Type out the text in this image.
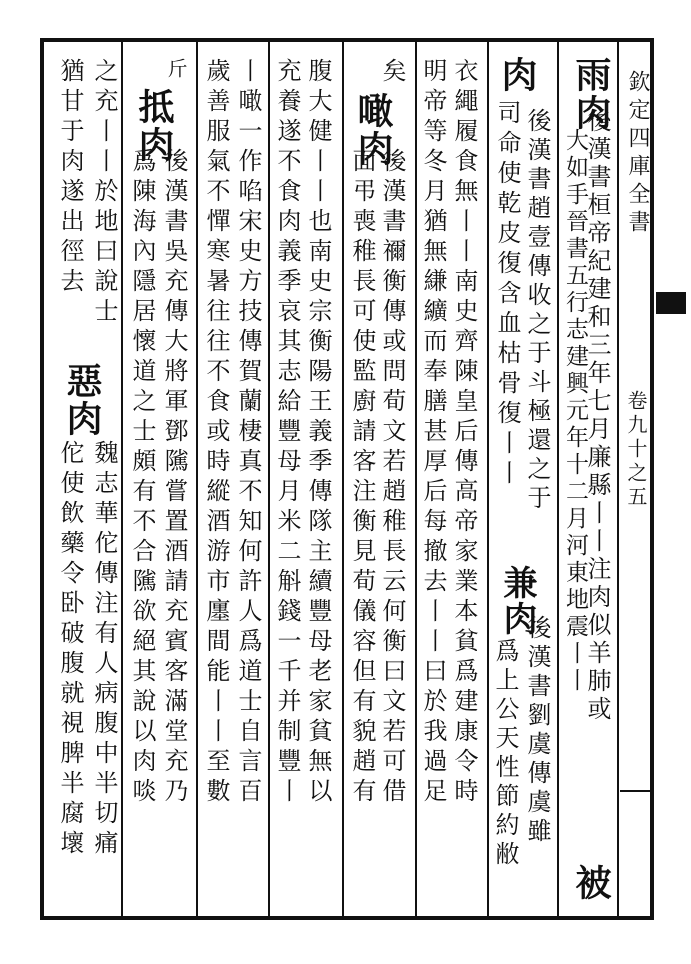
欽定四庫全書
卷九十之五
雨肉
被
肉
兼肉
噉肉
抵肉
惡肉	後漢書桓帝紀建和三年七月廉縣丨丨注肉似羊肺或
大如手晉書五行志建興元年十二月河東地震丨丨
後漢書趙壹傳收之于斗極還之于
司命使乾皮復含血枯骨復丨丨
後漢書劉虞傳虞雖
爲上公天性節約敝
衣繩履食無丨丨南史齊陳皇后傳高帝家業本貧爲建康令時
明帝等冬月猶無縑纊而奉膳甚厚后每撤去丨丨曰於我過足
矣
後漢書禰衡傳或問荀文若趙稚長云何衡曰文若可借
面弔喪稚長可使監廚請客注衡見荀儀容但有貌趙有
腹大健丨丨也南史宗衡陽王義季傳隊主續豐母老家貧無以
充養遂不食肉義季哀其志給豐母月米二斛錢一千并制豐丨
丨噉一作啗宋史方技傳賀蘭棲真不知何許人爲道士自言百
歲善服氣不憚寒暑往往不食或時縱酒游市廛間能丨丨至數
斤
後漢書吳充傳大將軍鄧隲嘗置酒請充賓客滿堂充乃
爲陳海內隱居懷道之士頗有不合隲欲絕其說以肉啖
魏志華佗傳注有人病腹中半切痛
之充丨丨於地曰說士
佗使飲藥令卧破腹就視脾半腐壞
猶甘于肉遂出徑去
